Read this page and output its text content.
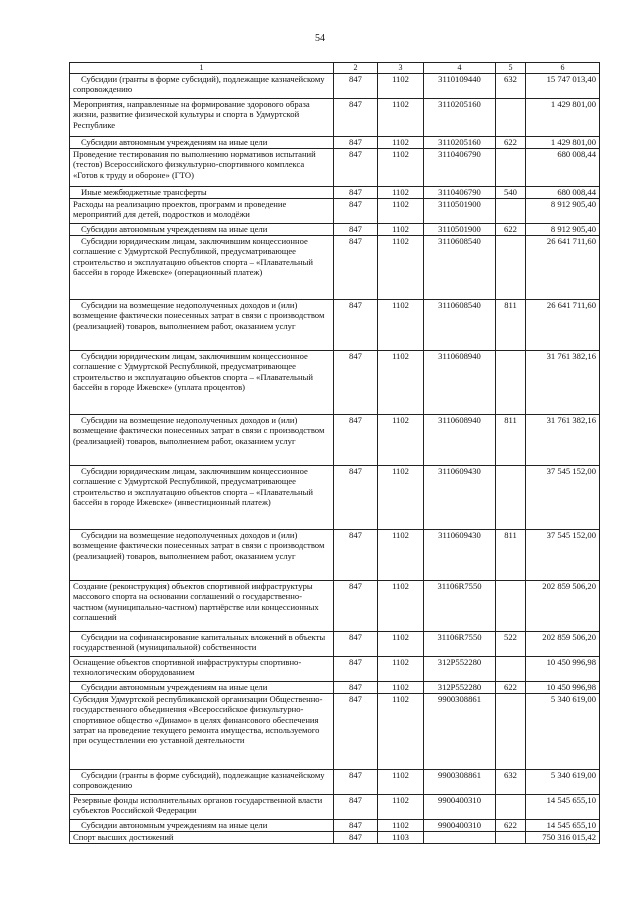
54
1	2	3	4	5	6
Субсидии (гранты в форме субсидий), подлежащие казначейскому сопровождению	847	1102	3110109440	632	15 747 013,40
Мероприятия, направленные на формирование здорового образа жизни, развитие физической культуры и спорта в Удмуртской Республике	847	1102	3110205160		1 429 801,00
Субсидии автономным учреждениям на иные цели	847	1102	3110205160	622	1 429 801,00
Проведение тестирования по выполнению нормативов испытаний (тестов) Всероссийского физкультурно-спортивного комплекса «Готов к труду и обороне» (ГТО)	847	1102	3110406790		680 008,44
Иные межбюджетные трансферты	847	1102	3110406790	540	680 008,44
Расходы на реализацию проектов, программ и проведение мероприятий для детей, подростков и молодёжи	847	1102	3110501900		8 912 905,40
Субсидии автономным учреждениям на иные цели	847	1102	3110501900	622	8 912 905,40
Субсидии юридическим лицам, заключившим концессионное соглашение с Удмуртской Республикой, предусматривающее строительство и эксплуатацию объектов спорта – «Плавательный бассейн в городе Ижевске» (операционный платеж)	847	1102	3110608540		26 641 711,60
Субсидии на возмещение недополученных доходов и (или) возмещение фактически понесенных затрат в связи с производством (реализацией) товаров, выполнением работ, оказанием услуг	847	1102	3110608540	811	26 641 711,60
Субсидии юридическим лицам, заключившим концессионное соглашение с Удмуртской Республикой, предусматривающее строительство и эксплуатацию объектов спорта – «Плавательный бассейн в городе Ижевске» (уплата процентов)	847	1102	3110608940		31 761 382,16
Субсидии на возмещение недополученных доходов и (или) возмещение фактически понесенных затрат в связи с производством (реализацией) товаров, выполнением работ, оказанием услуг	847	1102	3110608940	811	31 761 382,16
Субсидии юридическим лицам, заключившим концессионное соглашение с Удмуртской Республикой, предусматривающее строительство и эксплуатацию объектов спорта – «Плавательный бассейн в городе Ижевске» (инвестиционный платеж)	847	1102	3110609430		37 545 152,00
Субсидии на возмещение недополученных доходов и (или) возмещение фактически понесенных затрат в связи с производством (реализацией) товаров, выполнением работ, оказанием услуг	847	1102	3110609430	811	37 545 152,00
Создание (реконструкция) объектов спортивной инфраструктуры массового спорта на основании соглашений о государственно-частном (муниципально-частном) партнёрстве или концессионных соглашений	847	1102	31106R7550		202 859 506,20
Субсидии на софинансирование капитальных вложений в объекты государственной (муниципальной) собственности	847	1102	31106R7550	522	202 859 506,20
Оснащение объектов спортивной инфраструктуры спортивно-технологическим оборудованием	847	1102	312P552280		10 450 996,98
Субсидии автономным учреждениям на иные цели	847	1102	312P552280	622	10 450 996,98
Субсидия Удмуртской республиканской организации Общественно-государственного объединения «Всероссийское физкультурно-спортивное общество «Динамо» в целях финансового обеспечения затрат на проведение текущего ремонта имущества, используемого при осуществлении ею уставной деятельности	847	1102	9900308861		5 340 619,00
Субсидии (гранты в форме субсидий), подлежащие казначейскому сопровождению	847	1102	9900308861	632	5 340 619,00
Резервные фонды исполнительных органов государственной власти субъектов Российской Федерации	847	1102	9900400310		14 545 655,10
Субсидии автономным учреждениям на иные цели	847	1102	9900400310	622	14 545 655,10
Спорт высших достижений	847	1103			750 316 015,42
